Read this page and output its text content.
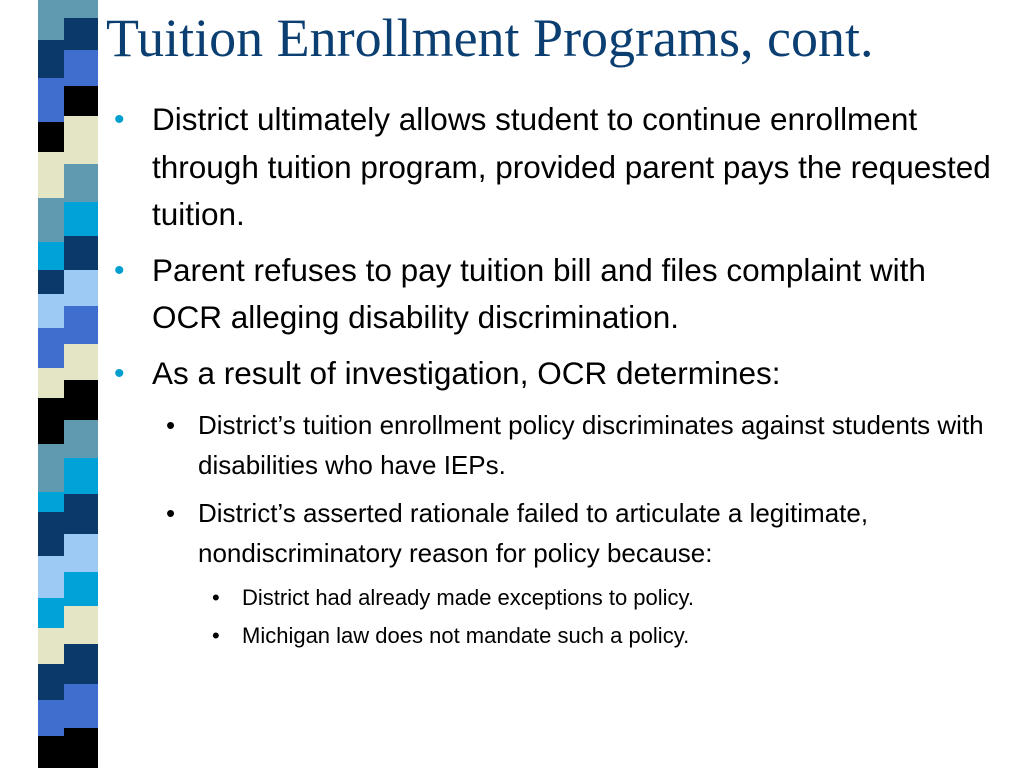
Tuition Enrollment Programs, cont.
• District ultimately allows student to continue enrollment through tuition program, provided parent pays the requested tuition.
• Parent refuses to pay tuition bill and files complaint with OCR alleging disability discrimination.
• As a result of investigation, OCR determines:
• District’s tuition enrollment policy discriminates against students with disabilities who have IEPs.
• District’s asserted rationale failed to articulate a legitimate, nondiscriminatory reason for policy because:
• District had already made exceptions to policy.
• Michigan law does not mandate such a policy.
